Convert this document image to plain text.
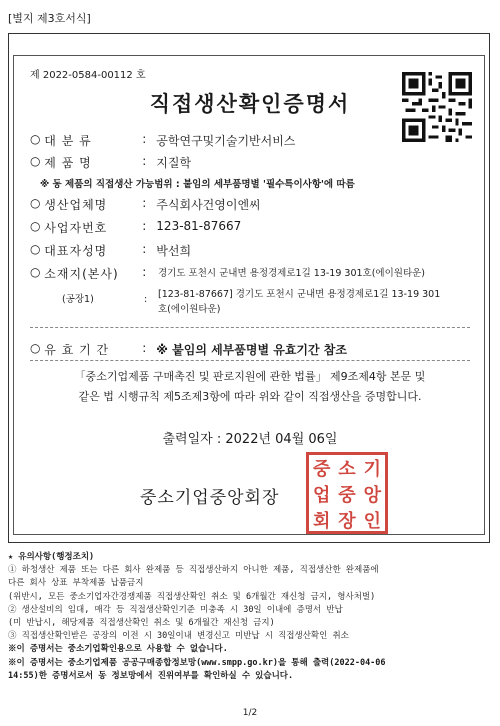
[별지 제3호서식]
제 2022-0584-00112 호
직접생산확인증명서
○ 대 분 류	: 공학연구및기술기반서비스
○ 제 품 명	: 지질학
※ 동 제품의 직접생산 가능범위 : 붙임의 세부품명별 '필수특이사항'에 따름
○ 생산업체명	: 주식회사건영이엔씨
○ 사업자번호	: 123-81-87667
○ 대표자성명	: 박선희
○ 소재지(본사)	:	경기도 포천시 군내면 용정경제로1길 13-19 301호(에이원타운)
(공장1)	: [123-81-87667] 경기도 포천시 군내면 용정경제로1길 13-19 301
호(에이원타운)
○ 유 효 기 간	: ※ 붙임의 세부품명별 유효기간 참조
「중소기업제품 구매촉진 및 판로지원에 관한 법률」 제9조제4항 본문 및
같은 법 시행규칙 제5조제3항에 따라 위와 같이 직접생산을 증명합니다.
출력일자 : 2022년 04월 06일
중 소 기
업 중 앙
회 장 인
중소기업중앙회장
★ 유의사항(행정조치)
① 하청생산 제품 또는 다른 회사 완제품 등 직접생산하지 아니한 제품, 직접생산한 완제품에
다른 회사 상표 부착제품 납품금지
(위반시, 모든 중소기업자간경쟁제품 직접생산확인 취소 및 6개월간 재신청 금지, 형사처벌)
② 생산설비의 임대, 매각 등 직접생산확인기준 미충족 시 30일 이내에 증명서 반납
(미 반납시, 해당제품 직접생산확인 취소 및 6개월간 재신청 금지)
③ 직접생산확인받은 공장의 이전 시 30일이내 변경신고 미반납 시 직접생산확인 취소
※이 증명서는 중소기업확인용으로 사용할 수 없습니다.
※이 증명서는 중소기업제품 공공구매종합정보망(www.smpp.go.kr)을 통해 출력(2022-04-06
14:55)한 증명서로서 동 정보망에서 진위여부를 확인하실 수 있습니다.
1/2
